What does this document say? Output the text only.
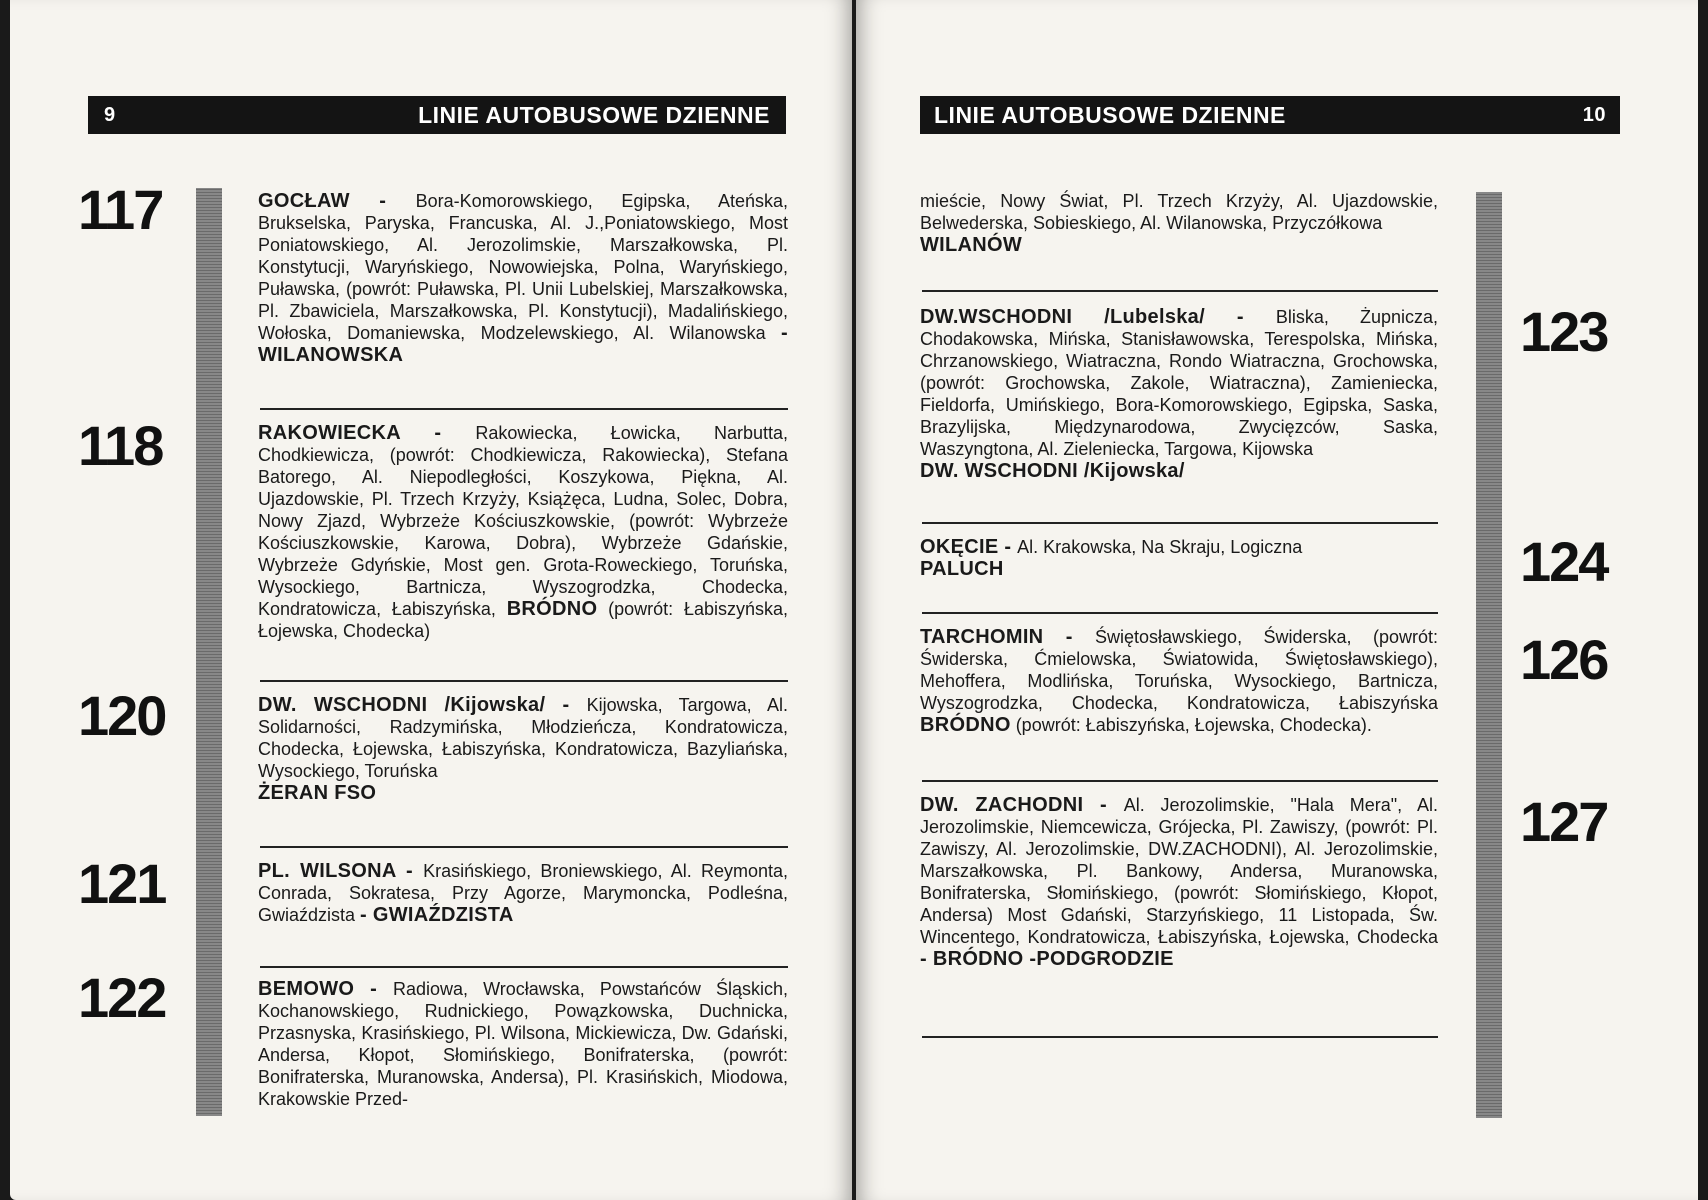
9	LINIE AUTOBUSOWE DZIENNE
117
118
120
121
122
GOCŁAW - Bora-Komorowskiego, Egipska, Ateńska, Brukselska, Paryska, Francuska, Al. J.,Poniatowskiego, Most Poniatowskiego, Al. Jerozolimskie, Marszałkowska, Pl. Konstytucji, Waryńskiego, Nowowiejska, Polna, Waryńskiego, Puławska, (powrót: Puławska, Pl. Unii Lubelskiej, Marszałkowska, Pl. Zbawiciela, Marszałkowska, Pl. Konstytucji), Madalińskiego, Wołoska, Domaniewska, Modzelewskiego, Al. Wilanowska - WILANOWSKA
RAKOWIECKA - Rakowiecka, Łowicka, Narbutta, Chodkiewicza, (powrót: Chodkiewicza, Rakowiecka), Stefana Batorego, Al. Niepodległości, Koszykowa, Piękna, Al. Ujazdowskie, Pl. Trzech Krzyży, Książęca, Ludna, Solec, Dobra, Nowy Zjazd, Wybrzeże Kościuszkowskie, (powrót: Wybrzeże Kościuszkowskie, Karowa, Dobra), Wybrzeże Gdańskie, Wybrzeże Gdyńskie, Most gen. Grota-Roweckiego, Toruńska, Wysockiego, Bartnicza, Wyszogrodzka, Chodecka, Kondratowicza, Łabiszyńska, BRÓDNO (powrót: Łabiszyńska, Łojewska, Chodecka)
DW. WSCHODNI /Kijowska/ - Kijowska, Targowa, Al. Solidarności, Radzymińska, Młodzieńcza, Kondratowicza, Chodecka, Łojewska, Łabiszyńska, Kondratowicza, Bazyliańska, Wysockiego, Toruńska
ŻERAN FSO
PL. WILSONA - Krasińskiego, Broniewskiego, Al. Reymonta, Conrada, Sokratesa, Przy Agorze, Marymoncka, Podleśna, Gwiaździsta - GWIAŹDZISTA
BEMOWO - Radiowa, Wrocławska, Powstańców Śląskich, Kochanowskiego, Rudnickiego, Powązkowska, Duchnicka, Przasnyska, Krasińskiego, Pl. Wilsona, Mickiewicza, Dw. Gdański, Andersa, Kłopot, Słomińskiego, Bonifraterska, (powrót: Bonifraterska, Muranowska, Andersa), Pl. Krasińskich, Miodowa, Krakowskie Przed-
LINIE AUTOBUSOWE DZIENNE	10
mieście, Nowy Świat, Pl. Trzech Krzyży, Al. Ujazdowskie, Belwederska, Sobieskiego, Al. Wilanowska, Przyczółkowa
WILANÓW
123
124
126
127
DW.WSCHODNI /Lubelska/ - Bliska, Żupnicza, Chodakowska, Mińska, Stanisławowska, Terespolska, Mińska, Chrzanowskiego, Wiatraczna, Rondo Wiatraczna, Grochowska, (powrót: Grochowska, Zakole, Wiatraczna), Zamieniecka, Fieldorfa, Umińskiego, Bora-Komorowskiego, Egipska, Saska, Brazylijska, Międzynarodowa, Zwycięzców, Saska, Waszyngtona, Al. Zieleniecka, Targowa, Kijowska
DW. WSCHODNI /Kijowska/
OKĘCIE - Al. Krakowska, Na Skraju, Logiczna
PALUCH
TARCHOMIN - Świętosławskiego, Świderska, (powrót: Świderska, Ćmielowska, Światowida, Świętosławskiego), Mehoffera, Modlińska, Toruńska, Wysockiego, Bartnicza, Wyszogrodzka, Chodecka, Kondratowicza, Łabiszyńska BRÓDNO (powrót: Łabiszyńska, Łojewska, Chodecka).
DW. ZACHODNI - Al. Jerozolimskie, "Hala Mera", Al. Jerozolimskie, Niemcewicza, Grójecka, Pl. Zawiszy, (powrót: Pl. Zawiszy, Al. Jerozolimskie, DW.ZACHODNI), Al. Jerozolimskie, Marszałkowska, Pl. Bankowy, Andersa, Muranowska, Bonifraterska, Słomińskiego, (powrót: Słomińskiego, Kłopot, Andersa) Most Gdański, Starzyńskiego, 11 Listopada, Św. Wincentego, Kondratowicza, Łabiszyńska, Łojewska, Chodecka - BRÓDNO -PODGRODZIE
